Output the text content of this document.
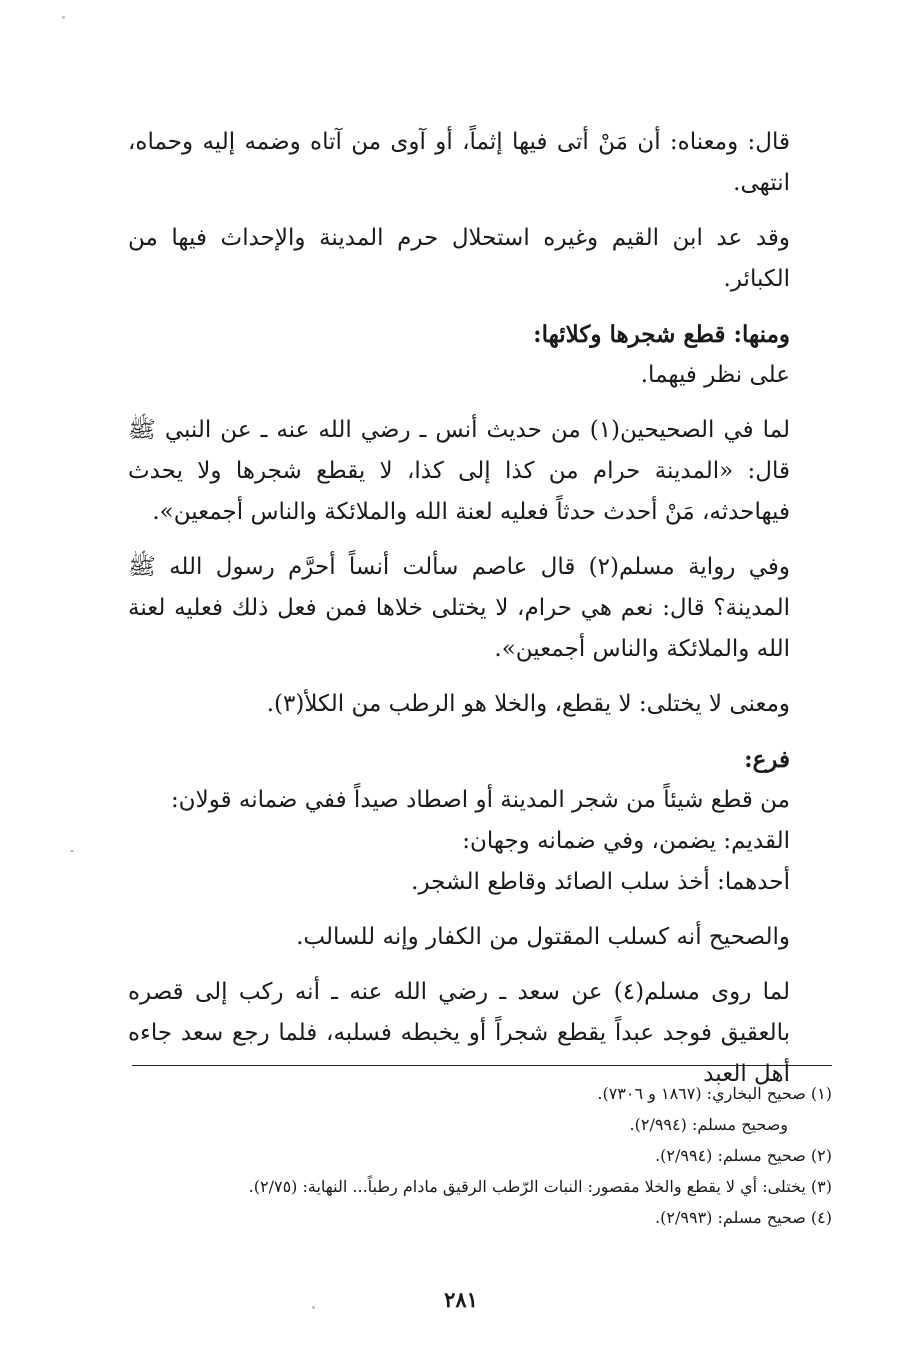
قال: ومعناه: أن مَنْ أتى فيها إثماً، أو آوى من آتاه وضمه إليه وحماه، انتهى.

وقد عد ابن القيم وغيره استحلال حرم المدينة والإحداث فيها من الكبائر.

ومنها: قطع شجرها وكلائها:

على نظر فيهما.

لما في الصحيحين(١) من حديث أنس ـ رضي الله عنه ـ عن النبي ﷺ قال: «المدينة حرام من كذا إلى كذا، لا يقطع شجرها ولا يحدث فيهاحدثه، مَنْ أحدث حدثاً فعليه لعنة الله والملائكة والناس أجمعين».

وفي رواية مسلم(٢) قال عاصم سألت أنساً أحرَّم رسول الله ﷺ المدينة؟ قال: نعم هي حرام، لا يختلى خلاها فمن فعل ذلك فعليه لعنة الله والملائكة والناس أجمعين».

ومعنى لا يختلى: لا يقطع، والخلا هو الرطب من الكلأ(٣).

فرع:

من قطع شيئاً من شجر المدينة أو اصطاد صيداً ففي ضمانه قولان:

القديم: يضمن، وفي ضمانه وجهان:

أحدهما: أخذ سلب الصائد وقاطع الشجر.

والصحيح أنه كسلب المقتول من الكفار وإنه للسالب.

لما روى مسلم(٤) عن سعد ـ رضي الله عنه ـ أنه ركب إلى قصره بالعقيق فوجد عبداً يقطع شجراً أو يخبطه فسلبه، فلما رجع سعد جاءه أهل العبد

(١) صحيح البخاري: (١٨٦٧ و ٧٣٠٦).

وصحيح مسلم: (٢/٩٩٤).

(٢) صحيح مسلم: (٢/٩٩٤).

(٣) يختلى: أي لا يقطع والخلا مقصور: النبات الرّطب الرقيق مادام رطباً... النهاية: (٢/٧٥).

(٤) صحيح مسلم: (٢/٩٩٣).

٢٨١
